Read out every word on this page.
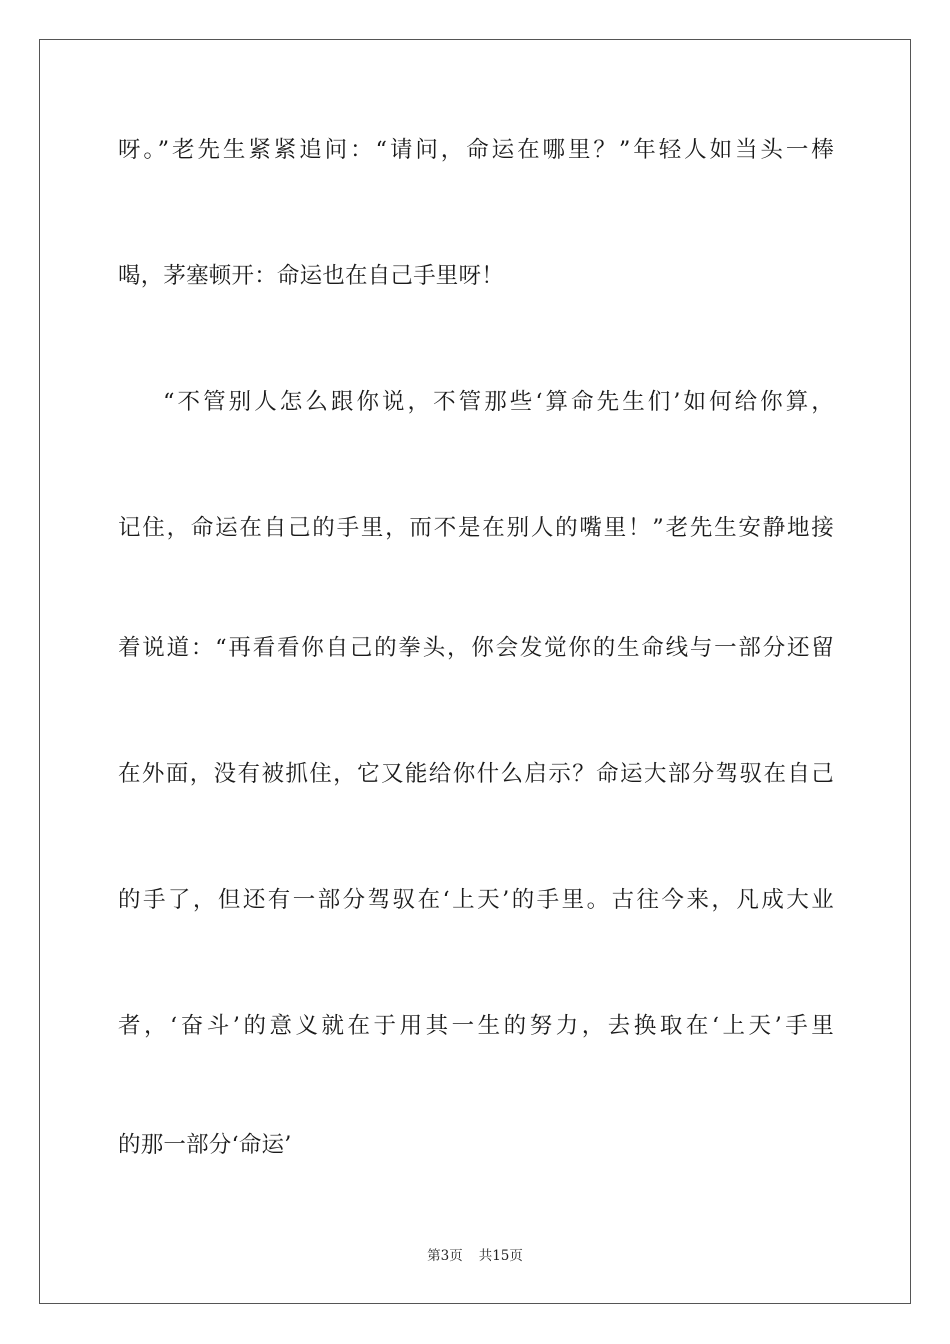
呀。”老先生紧紧追问：“请问，命运在哪里？”年轻人如当头一棒
喝，茅塞顿开：命运也在自己手里呀！
“不管别人怎么跟你说，不管那些‘算命先生们’如何给你算，
记住，命运在自己的手里，而不是在别人的嘴里！”老先生安静地接
着说道：“再看看你自己的拳头，你会发觉你的生命线与一部分还留
在外面，没有被抓住，它又能给你什么启示？命运大部分驾驭在自己
的手了，但还有一部分驾驭在‘上天’的手里。古往今来，凡成大业
者，‘奋斗’的意义就在于用其一生的努力，去换取在‘上天’手里
的那一部分‘命运’
第3页 共15页
